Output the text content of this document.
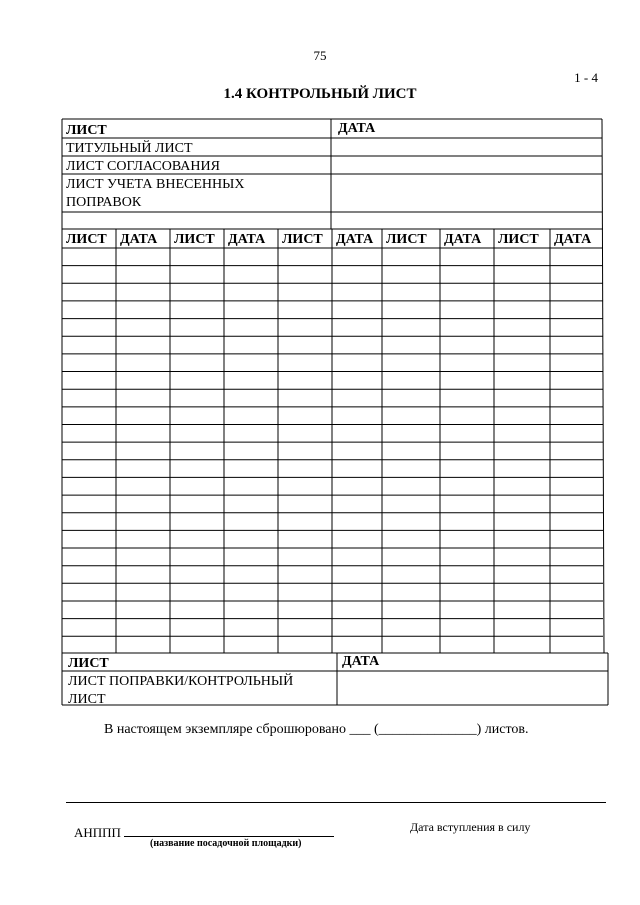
75
1 - 4
1.4 КОНТРОЛЬНЫЙ ЛИСТ
ЛИСТ	ДАТА
ТИТУЛЬНЫЙ ЛИСТ
ЛИСТ СОГЛАСОВАНИЯ
ЛИСТ УЧЕТА ВНЕСЕННЫХ
ПОПРАВОК
ЛИСТ ДАТА ЛИСТ ДАТА ЛИСТ ДАТА ЛИСТ ДАТА ЛИСТ ДАТА
ЛИСТ	ДАТА
ЛИСТ ПОПРАВКИ/КОНТРОЛЬНЫЙ
ЛИСТ
В настоящем экземпляре сброшюровано ___ (______________) листов.
АНППП
(название посадочной площадки)
Дата вступления в силу
